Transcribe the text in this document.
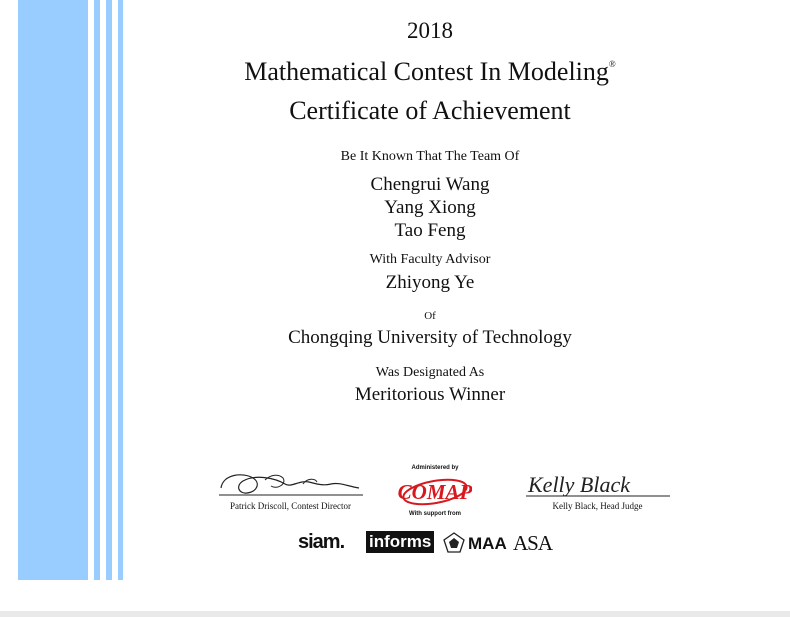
2018
Mathematical Contest In Modeling®
Certificate of Achievement
Be It Known That The Team Of
Chengrui Wang
Yang Xiong
Tao Feng
With Faculty Advisor
Zhiyong Ye
Of
Chongqing University of Technology
Was Designated As
Meritorious Winner
Patrick Driscoll, Contest Director
Administered by
COMAP
With support from
Kelly Black
Kelly Black, Head Judge
siam.	informs MAA ASA
